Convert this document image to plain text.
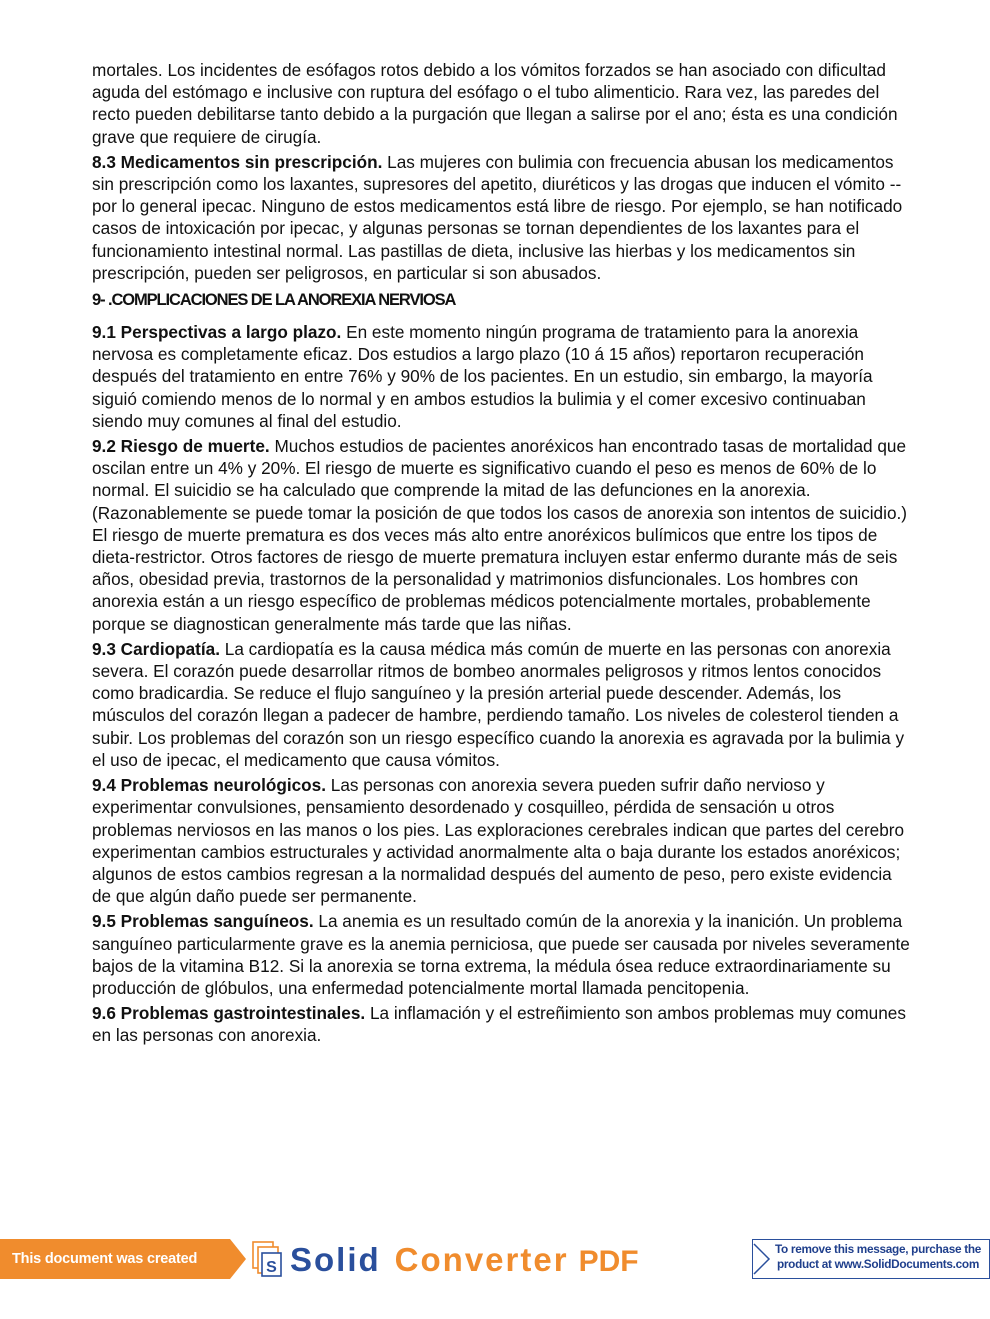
mortales. Los incidentes de esófagos rotos debido a los vómitos forzados se han asociado con dificultad aguda del estómago e inclusive con ruptura del esófago o el tubo alimenticio. Rara vez, las paredes del recto pueden debilitarse tanto debido a la purgación que llegan a salirse por el ano; ésta es una condición grave que requiere de cirugía.

8.3 Medicamentos sin prescripción. Las mujeres con bulimia con frecuencia abusan los medicamentos sin prescripción como los laxantes, supresores del apetito, diuréticos y las drogas que inducen el vómito --por lo general ipecac. Ninguno de estos medicamentos está libre de riesgo. Por ejemplo, se han notificado casos de intoxicación por ipecac, y algunas personas se tornan dependientes de los laxantes para el funcionamiento intestinal normal. Las pastillas de dieta, inclusive las hierbas y los medicamentos sin prescripción, pueden ser peligrosos, en particular si son abusados.

9- .COMPLICACIONES DE LA ANOREXIA NERVIOSA

9.1 Perspectivas a largo plazo. En este momento ningún programa de tratamiento para la anorexia nervosa es completamente eficaz. Dos estudios a largo plazo (10 á 15 años) reportaron recuperación después del tratamiento en entre 76% y 90% de los pacientes. En un estudio, sin embargo, la mayoría siguió comiendo menos de lo normal y en ambos estudios la bulimia y el comer excesivo continuaban siendo muy comunes al final del estudio.

9.2 Riesgo de muerte. Muchos estudios de pacientes anoréxicos han encontrado tasas de mortalidad que oscilan entre un 4% y 20%. El riesgo de muerte es significativo cuando el peso es menos de 60% de lo normal. El suicidio se ha calculado que comprende la mitad de las defunciones en la anorexia. (Razonablemente se puede tomar la posición de que todos los casos de anorexia son intentos de suicidio.) El riesgo de muerte prematura es dos veces más alto entre anoréxicos bulímicos que entre los tipos de dieta-restrictor. Otros factores de riesgo de muerte prematura incluyen estar enfermo durante más de seis años, obesidad previa, trastornos de la personalidad y matrimonios disfuncionales. Los hombres con anorexia están a un riesgo específico de problemas médicos potencialmente mortales, probablemente porque se diagnostican generalmente más tarde que las niñas.

9.3 Cardiopatía. La cardiopatía es la causa médica más común de muerte en las personas con anorexia severa. El corazón puede desarrollar ritmos de bombeo anormales peligrosos y ritmos lentos conocidos como bradicardia. Se reduce el flujo sanguíneo y la presión arterial puede descender. Además, los músculos del corazón llegan a padecer de hambre, perdiendo tamaño. Los niveles de colesterol tienden a subir. Los problemas del corazón son un riesgo específico cuando la anorexia es agravada por la bulimia y el uso de ipecac, el medicamento que causa vómitos.

9.4 Problemas neurológicos. Las personas con anorexia severa pueden sufrir daño nervioso y experimentar convulsiones, pensamiento desordenado y cosquilleo, pérdida de sensación u otros problemas nerviosos en las manos o los pies. Las exploraciones cerebrales indican que partes del cerebro experimentan cambios estructurales y actividad anormalmente alta o baja durante los estados anoréxicos; algunos de estos cambios regresan a la normalidad después del aumento de peso, pero existe evidencia de que algún daño puede ser permanente.

9.5 Problemas sanguíneos. La anemia es un resultado común de la anorexia y la inanición. Un problema sanguíneo particularmente grave es la anemia perniciosa, que puede ser causada por niveles severamente bajos de la vitamina B12. Si la anorexia se torna extrema, la médula ósea reduce extraordinariamente su producción de glóbulos, una enfermedad potencialmente mortal llamada pencitopenia.

9.6 Problemas gastrointestinales. La inflamación y el estreñimiento son ambos problemas muy comunes en las personas con anorexia.

This document was created using
S Solid Converter PDF	To remove this message, purchase the
product at www.SolidDocuments.com
